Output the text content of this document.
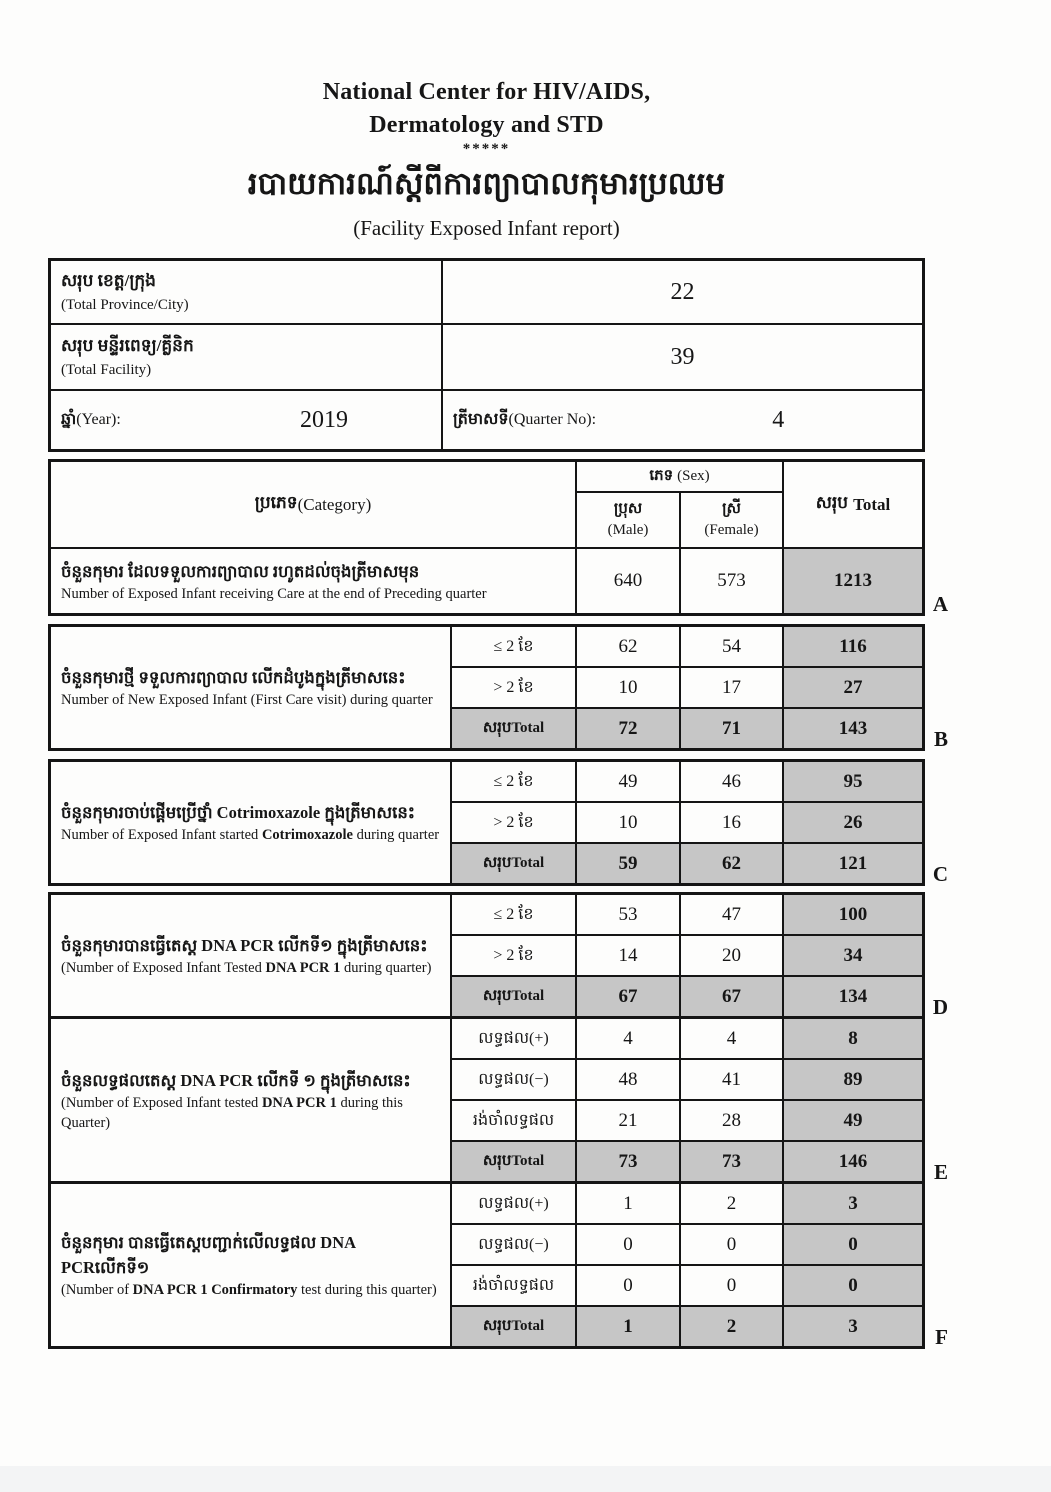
National Center for HIV/AIDS,
Dermatology and STD
*****
របាយការណ៍ស្ដីពីការព្យាបាលកុមារប្រឈម
(Facility Exposed Infant report)
សរុប ខេត្ត/ក្រុង
(Total Province/City)
22
សរុប មន្ទីរពេទ្យ/គ្លីនិក
(Total Facility)
39
ឆ្នាំ(Year):	2019	ត្រីមាសទី(Quarter No):	4
ប្រភេទ (Category)
ភេទ (Sex)
ប្រុស
(Male)
ស្រី
(Female)
សរុប Total
ចំនួនកុមារ ដែលទទួលការព្យាបាល រហូតដល់ចុងត្រីមាសមុន
Number of Exposed Infant receiving Care at the end of Preceding quarter
640	573	1213
A
ចំនួនកុមារថ្មី ទទួលការព្យាបាល លើកដំបូងក្នុងត្រីមាសនេះ
Number of New Exposed Infant (First Care visit) during quarter
≤ 2 ខែ	62	54	116
> 2 ខែ	10	17	27
សរុប Total	72	71	143	B
ចំនួនកុមារចាប់ផ្ដើមប្រើថ្នាំ Cotrimoxazole ក្នុងត្រីមាសនេះ
Number of Exposed Infant started Cotrimoxazole during quarter
≤ 2 ខែ	49	46	95
> 2 ខែ	10	16	26
សរុប Total	59	62	121	C
ចំនួនកុមារបានធ្វើតេស្ដ DNA PCR លើកទី១ ក្នុងត្រីមាសនេះ
(Number of Exposed Infant Tested DNA PCR 1 during quarter)
≤ 2 ខែ	53	47	100
> 2 ខែ	14	20	34
សរុប Total	67	67	134	D
ចំនួនលទ្ធផលតេស្ដ DNA PCR លើកទី ១ ក្នុងត្រីមាសនេះ
(Number of Exposed Infant tested DNA PCR 1 during this Quarter)
លទ្ធផល(+)	4	4	8
លទ្ធផល(−)	48	41	89
រង់ចាំលទ្ធផល	21	28	49
សរុប Total	73	73	146	E
ចំនួនកុមារ បានធ្វើតេស្ដបញ្ជាក់លើលទ្ធផល DNA PCRលើកទី១
(Number of DNA PCR 1 Confirmatory test during this quarter)
លទ្ធផល(+)	1	2	3
លទ្ធផល(−)	0	0	0
រង់ចាំលទ្ធផល	0	0	0
សរុប Total	1	2	3	F
